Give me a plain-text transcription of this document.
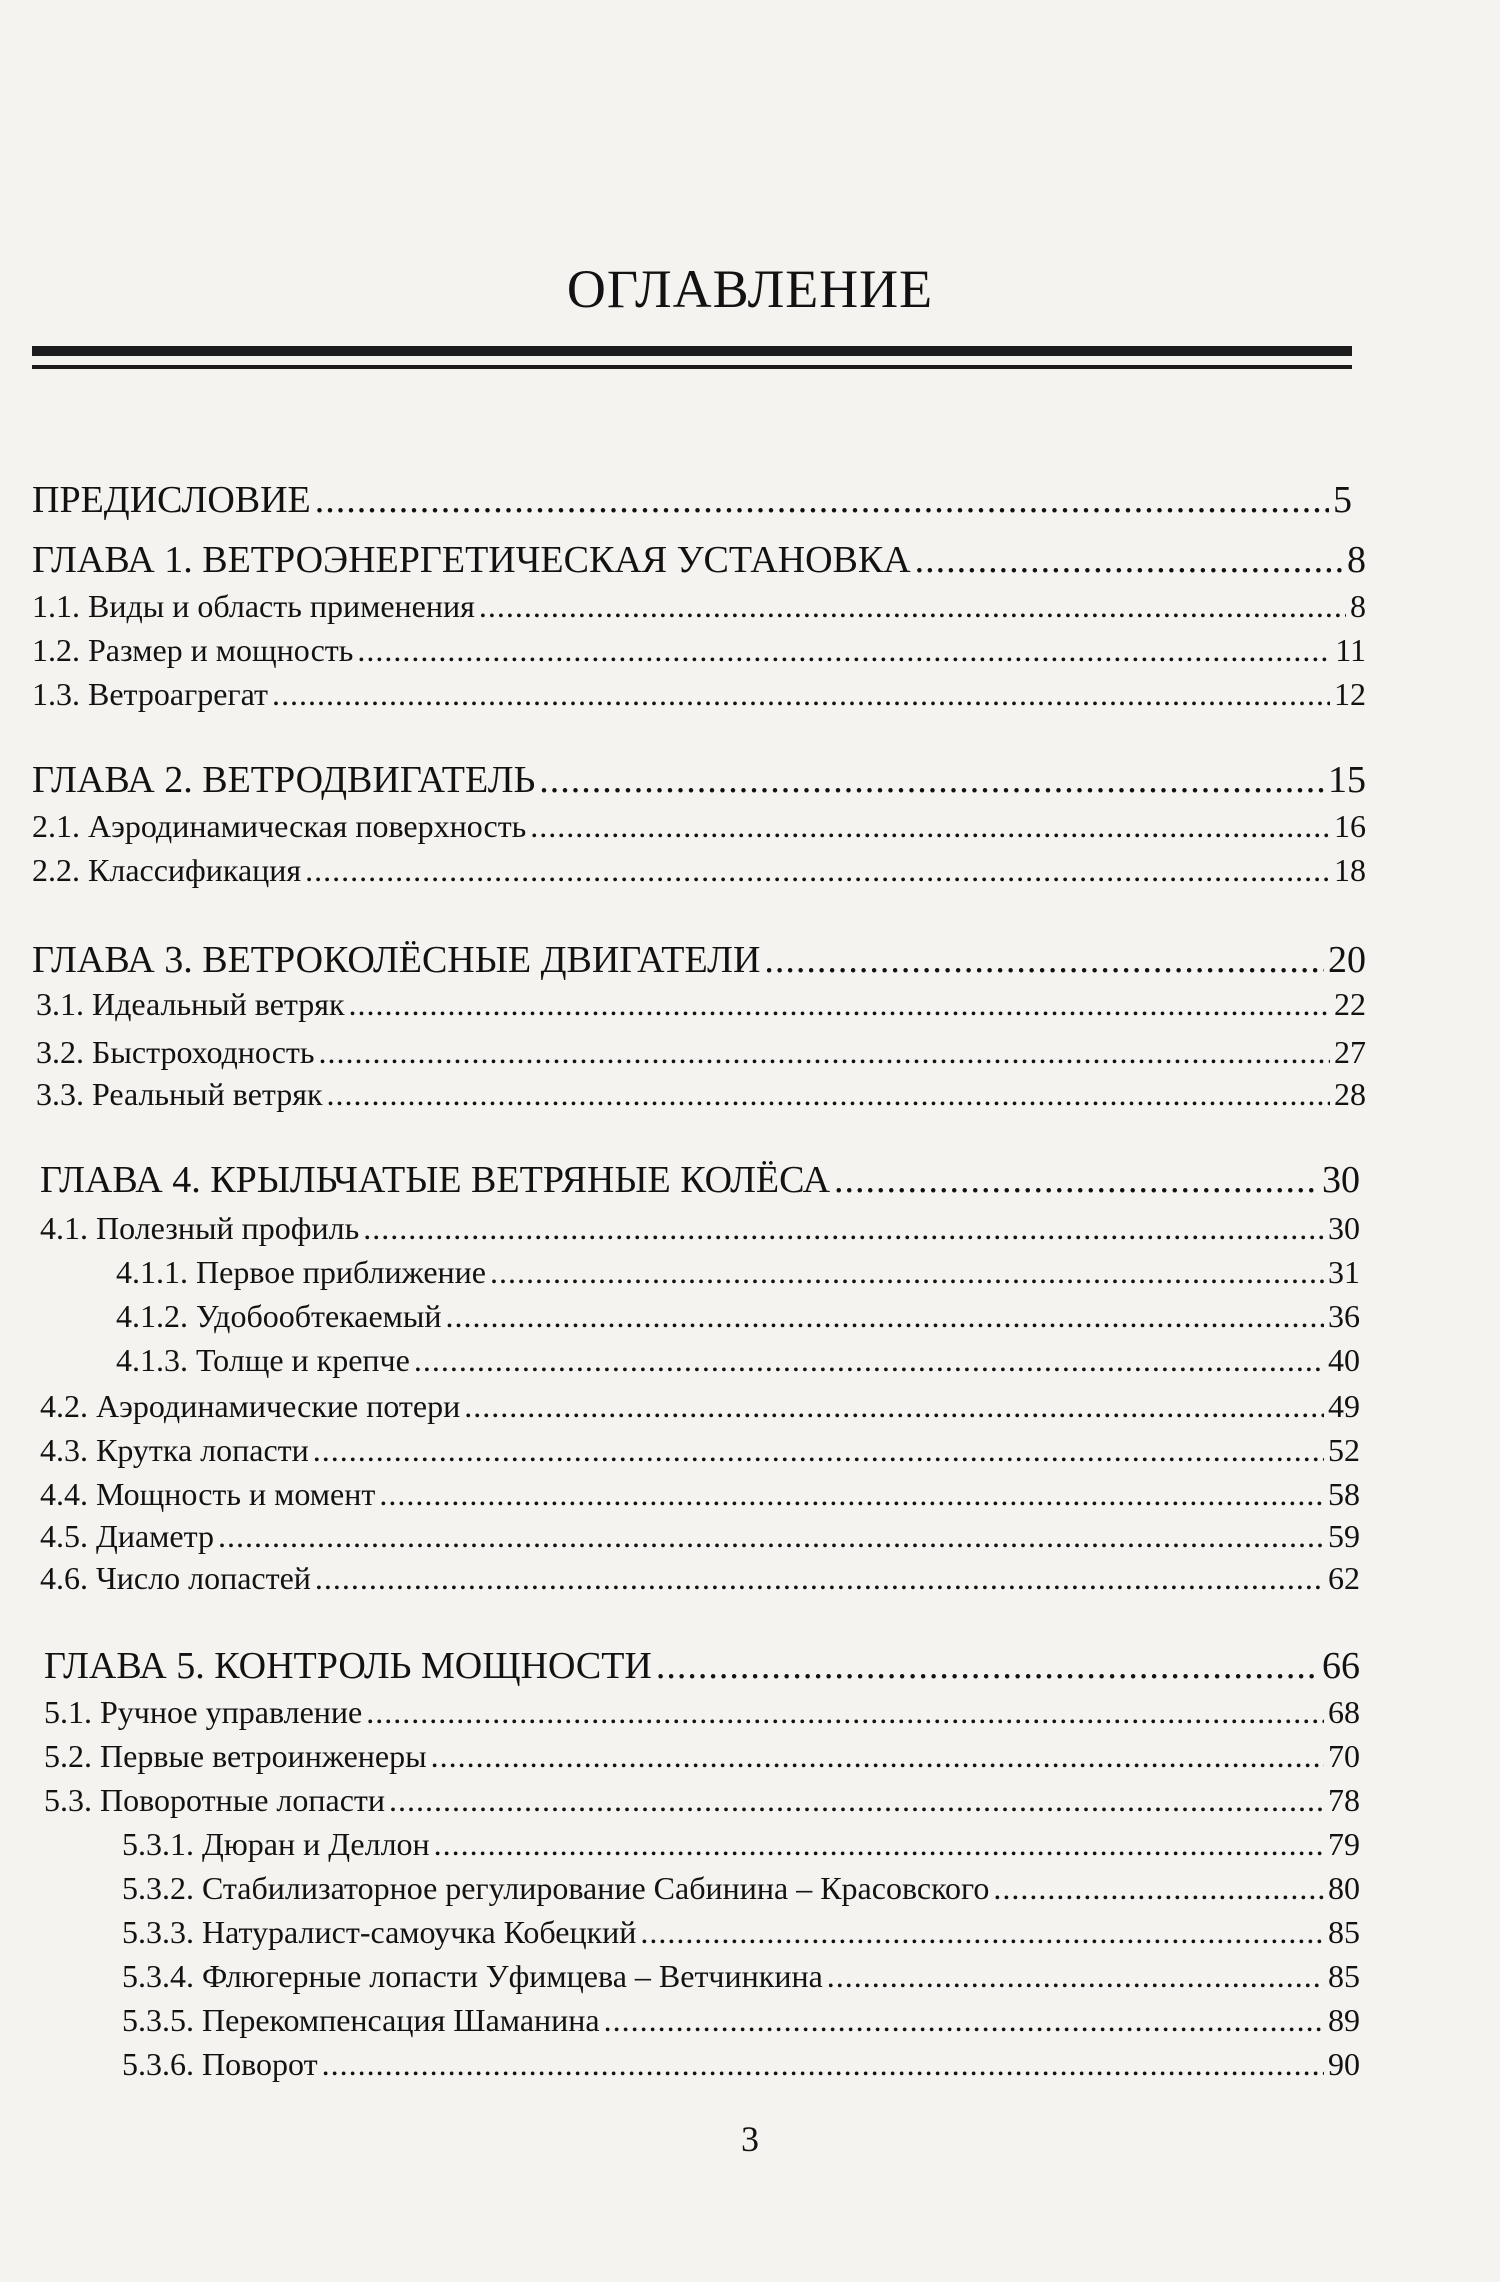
ОГЛАВЛЕНИЕ
ПРЕДИСЛОВИЕ .....	5
ГЛАВА 1. ВЕТРОЭНЕРГЕТИЧЕСКАЯ УСТАНОВКА .....	8
1.1. Виды и область применения .....	8
1.2. Размер и мощность .....	11
1.3. Ветроагрегат .....	12
ГЛАВА 2. ВЕТРОДВИГАТЕЛЬ .....	15
2.1. Аэродинамическая поверхность .....	16
2.2. Классификация .....	18
ГЛАВА 3. ВЕТРОКОЛЁСНЫЕ ДВИГАТЕЛИ .....	20
3.1. Идеальный ветряк .....	22
3.2. Быстроходность .....	27
3.3. Реальный ветряк .....	28
ГЛАВА 4. КРЫЛЬЧАТЫЕ ВЕТРЯНЫЕ КОЛЁСА .....	30
4.1. Полезный профиль .....	30
4.1.1. Первое приближение .....	31
4.1.2. Удобообтекаемый .....	36
4.1.3. Толще и крепче .....	40
4.2. Аэродинамические потери .....	49
4.3. Крутка лопасти .....	52
4.4. Мощность и момент .....	58
4.5. Диаметр .....	59
4.6. Число лопастей .....	62
ГЛАВА 5. КОНТРОЛЬ МОЩНОСТИ .....	66
5.1. Ручное управление .....	68
5.2. Первые ветроинженеры .....	70
5.3. Поворотные лопасти .....	78
5.3.1. Дюран и Деллон .....	79
5.3.2. Стабилизаторное регулирование Сабинина – Красовского .....	80
5.3.3. Натуралист-самоучка Кобецкий .....	85
5.3.4. Флюгерные лопасти Уфимцева – Ветчинкина .....	85
5.3.5. Перекомпенсация Шаманина .....	89
5.3.6. Поворот .....	90
3
